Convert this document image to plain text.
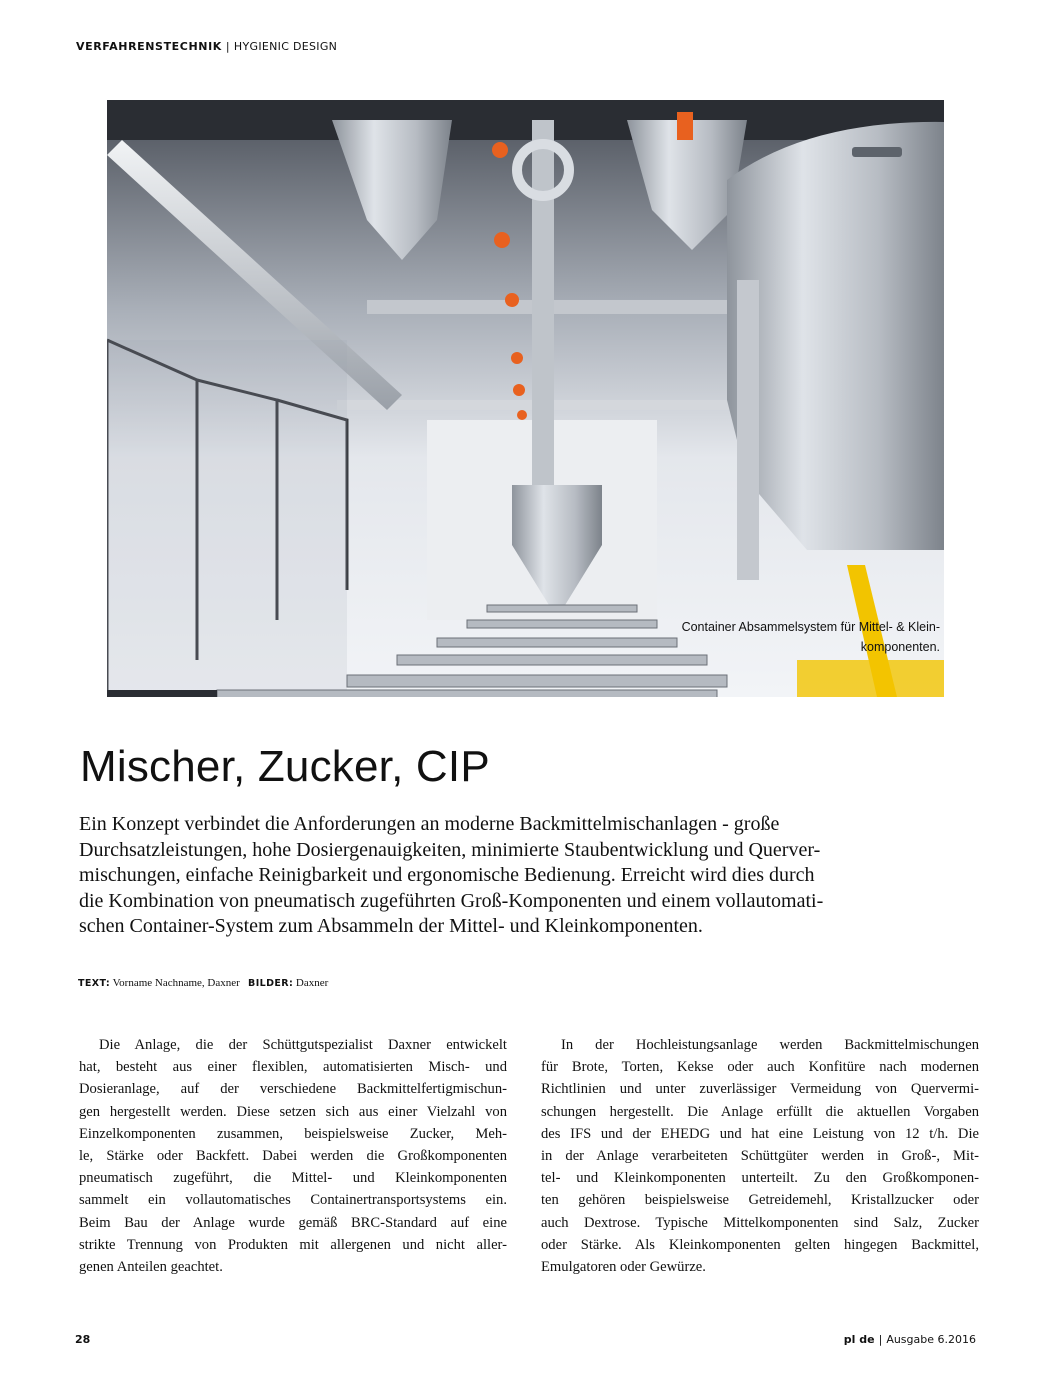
VERFAHRENSTECHNIK | HYGIENIC DESIGN
Container Absammelsystem für Mittel- & Klein-
komponenten.
Mischer, Zucker, CIP

Ein Konzept verbindet die Anforderungen an moderne Backmittelmischanlagen - große
Durchsatzleistungen, hohe Dosiergenauigkeiten, minimierte Staubentwicklung und Querver-
mischungen, einfache Reinigbarkeit und ergonomische Bedienung. Erreicht wird dies durch
die Kombination von pneumatisch zugeführten Groß-Komponenten und einem vollautomati-
schen Container-System zum Absammeln der Mittel- und Kleinkomponenten.

TEXT: Vorname Nachname, Daxner BILDER: Daxner
Die Anlage, die der Schüttgutspezialist Daxner entwickelt
hat, besteht aus einer flexiblen, automatisierten Misch- und
Dosieranlage, auf der verschiedene Backmittelfertigmischun-
gen hergestellt werden. Diese setzen sich aus einer Vielzahl von
Einzelkomponenten zusammen, beispielsweise Zucker, Meh-
le, Stärke oder Backfett. Dabei werden die Großkomponenten
pneumatisch zugeführt, die Mittel- und Kleinkomponenten
sammelt ein vollautomatisches Containertransportsystems ein.
Beim Bau der Anlage wurde gemäß BRC-Standard auf eine
strikte Trennung von Produkten mit allergenen und nicht aller-
genen Anteilen geachtet.
In der Hochleistungsanlage werden Backmittelmischungen
für Brote, Torten, Kekse oder auch Konfitüre nach modernen
Richtlinien und unter zuverlässiger Vermeidung von Quervermi-
schungen hergestellt. Die Anlage erfüllt die aktuellen Vorgaben
des IFS und der EHEDG und hat eine Leistung von 12 t/h. Die
in der Anlage verarbeiteten Schüttgüter werden in Groß-, Mit-
tel- und Kleinkomponenten unterteilt. Zu den Großkomponen-
ten gehören beispielsweise Getreidemehl, Kristallzucker oder
auch Dextrose. Typische Mittelkomponenten sind Salz, Zucker
oder Stärke. Als Kleinkomponenten gelten hingegen Backmittel,
Emulgatoren oder Gewürze.
28	pl de | Ausgabe 6.2016
